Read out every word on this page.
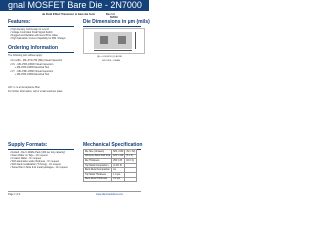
gnal MOSFET Bare Die - 2N7000
de Field Effect Transistor in bare die form	Rev 1.0
6/2019
Features:
• High Density Cell Design for Low R
• Voltage Controlled Small Signal Switch
• Rugged and Reliable with Good Price Value
• High Saturation Current Capability for MSI / Relays
Ordering Information
The following part suffixes apply:
• No suffix - MIL-STD-750 (DIE) Visual Inspection
• CS  - MIL-PRF-19500 Visual Inspection
+ MIL-PRF-19500 Electrical Test
• CT  - MIL-PRF-19500 Visual Inspection
+ MIL-PRF-19500 Electrical Test
LID = L is an Acceptance Plan
For further information, call or email customer sales
Die Dimensions in µm (mils)
(B) = SOURCE (S) BOND
DIE SIDE - DRAIN
Supply Formats:
• Default - Die in Waffle Pack (400 per tray capacity)
• Sawn Wafer on Tape - On request
• Unsawn Wafer - On request
• With alternative wafer thickness - On request
• With back metallization (Ti-Ni-Ag) - On request
• Tested Die in SiGe & Al metal packages - On request
Mechanical Specification
Die Size (Unsawn)	820 x 820	(32 x 32)
Minimum Bond Pad Size	120 x 120	(5 x 5)
Die Thickness	250 ± 25	(10 ± 1)
Top Metal Composition	Al 1% Si	
Back Metal Composition	Au	
Top Metal Thickness	1.0 µm	
Back Metal Thickness	0.2 µm	
Page 1 of 4	www.siliconsolutions.com
